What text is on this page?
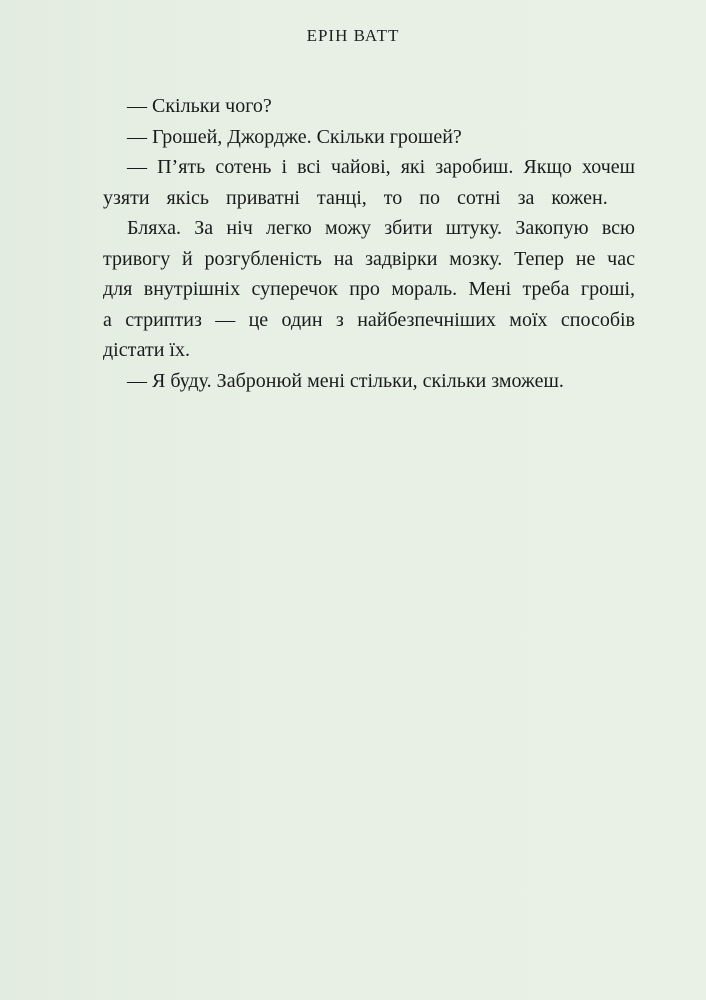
ЕРІН ВАТТ
— Скільки чого?
— Грошей, Джордже. Скільки грошей?
— П’ять сотень і всі чайові, які заробиш. Якщо хочеш
узяти якісь приватні танці, то по сотні за кожен.
Бляха. За ніч легко можу збити штуку. Закопую всю
тривогу й розгубленість на задвірки мозку. Тепер не час
для внутрішніх суперечок про мораль. Мені треба гроші,
а стриптиз — це один з найбезпечніших моїх способів
дістати їх.
— Я буду. Забронюй мені стільки, скільки зможеш.
